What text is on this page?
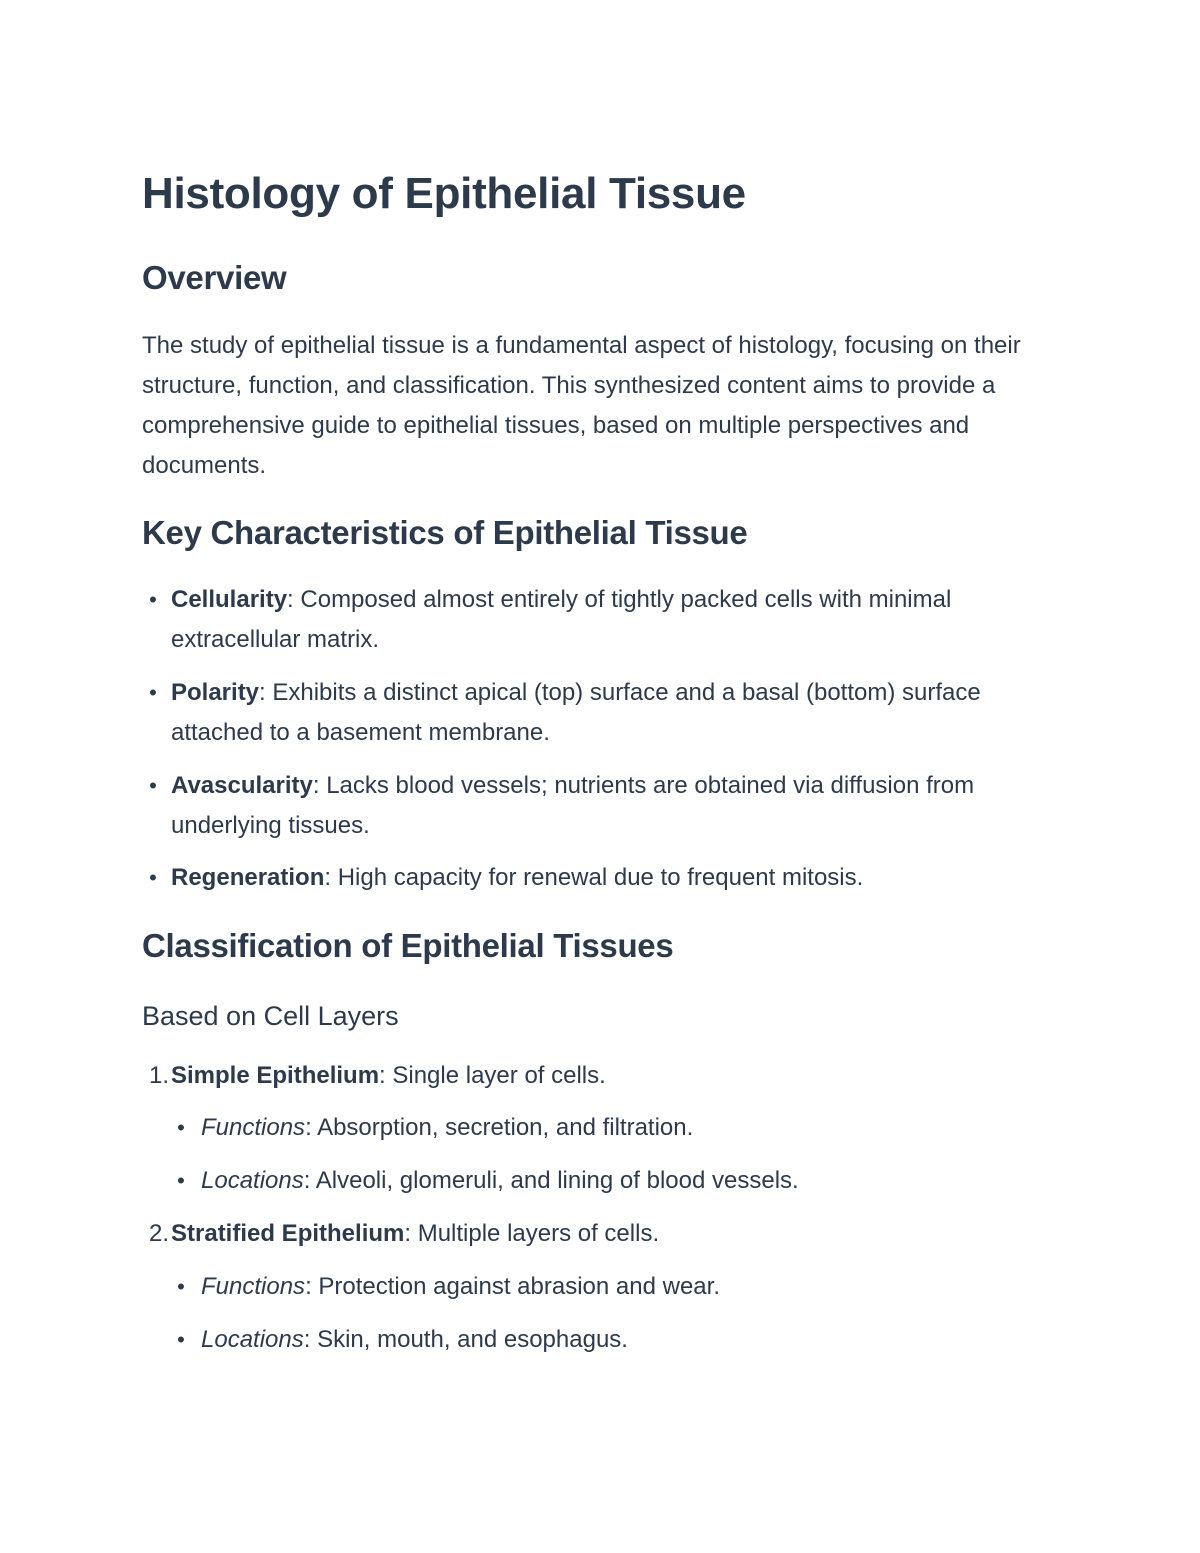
Histology of Epithelial Tissue
Overview

The study of epithelial tissue is a fundamental aspect of histology, focusing on their structure, function, and classification. This synthesized content aims to provide a comprehensive guide to epithelial tissues, based on multiple perspectives and documents.

Key Characteristics of Epithelial Tissue
• Cellularity: Composed almost entirely of tightly packed cells with minimal extracellular matrix.
• Polarity: Exhibits a distinct apical (top) surface and a basal (bottom) surface attached to a basement membrane.
• Avascularity: Lacks blood vessels; nutrients are obtained via diffusion from underlying tissues.
• Regeneration: High capacity for renewal due to frequent mitosis.
Classification of Epithelial Tissues
Based on Cell Layers
1. Simple Epithelium: Single layer of cells.
• Functions: Absorption, secretion, and filtration.
• Locations: Alveoli, glomeruli, and lining of blood vessels.
2. Stratified Epithelium: Multiple layers of cells.
• Functions: Protection against abrasion and wear.
• Locations: Skin, mouth, and esophagus.
